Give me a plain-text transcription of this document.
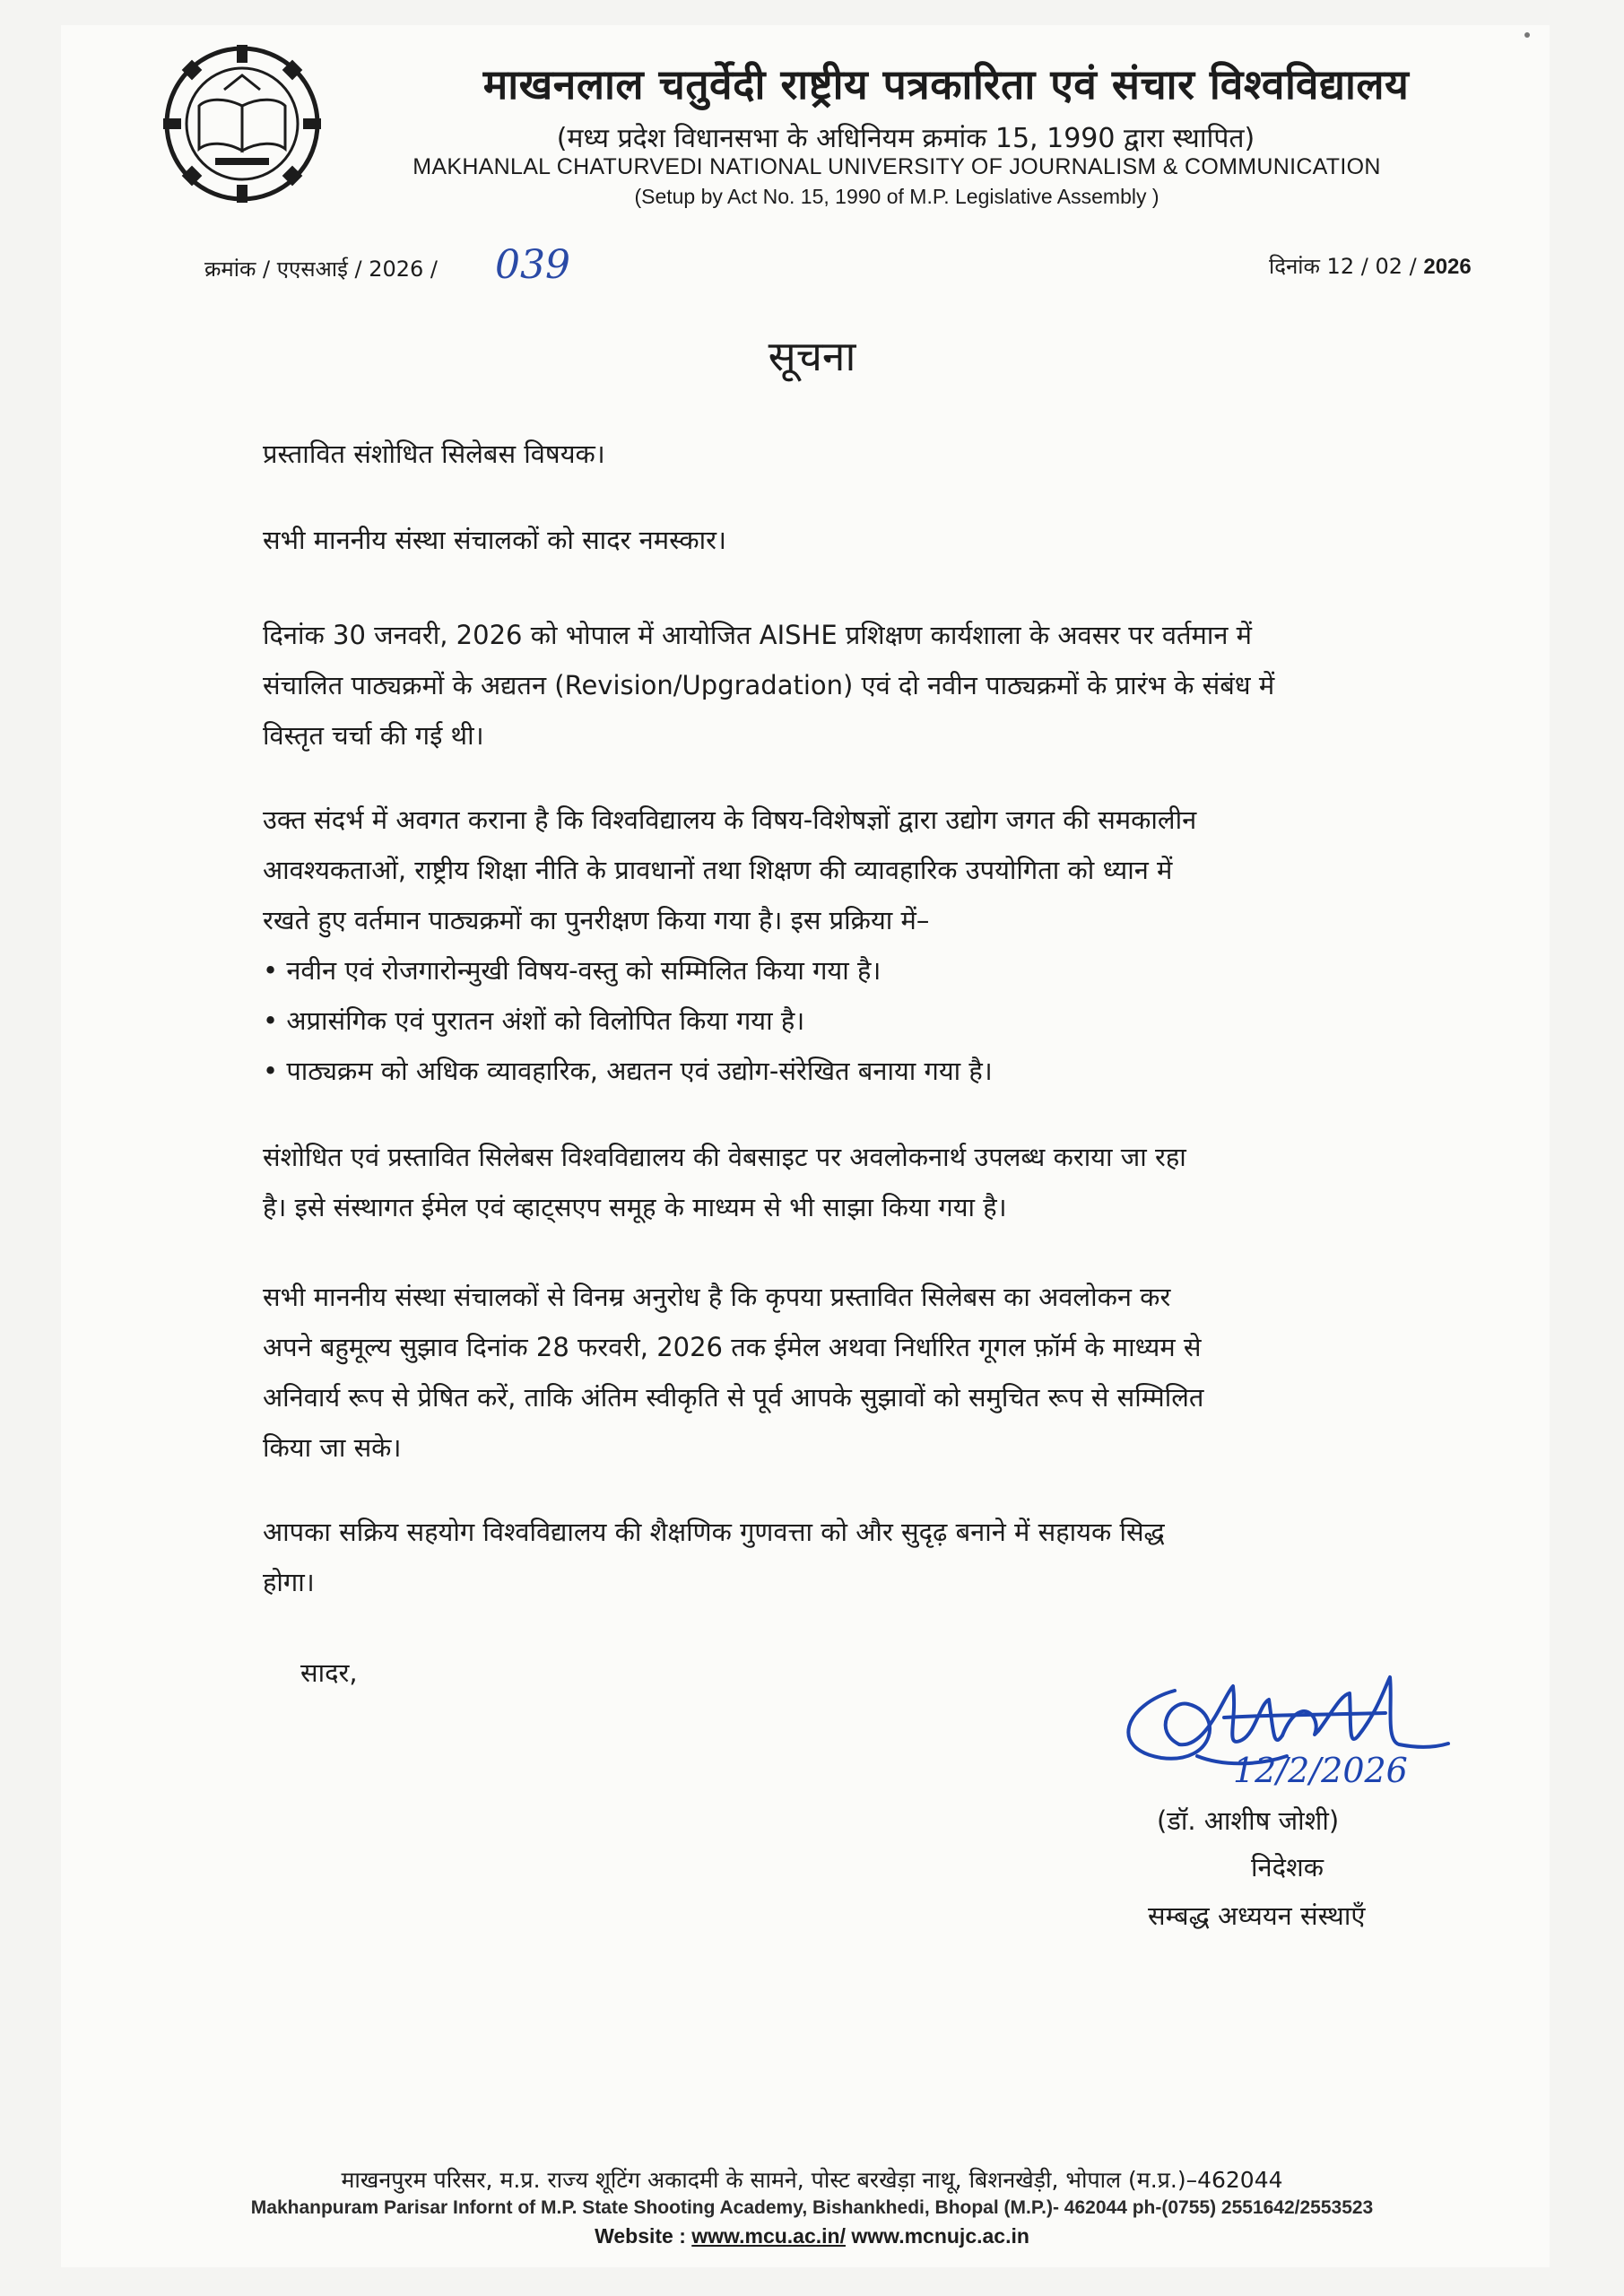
माखनलाल चतुर्वेदी राष्ट्रीय पत्रकारिता एवं संचार विश्वविद्यालय
(मध्य प्रदेश विधानसभा के अधिनियम क्रमांक 15, 1990 द्वारा स्थापित)
MAKHANLAL CHATURVEDI NATIONAL UNIVERSITY OF JOURNALISM & COMMUNICATION
(Setup by Act No. 15, 1990 of M.P. Legislative Assembly )
क्रमांक / एएसआई / 2026 / 039	दिनांक 12 / 02 / 2026
सूचना
प्रस्तावित संशोधित सिलेबस विषयक।
सभी माननीय संस्था संचालकों को सादर नमस्कार।
दिनांक 30 जनवरी, 2026 को भोपाल में आयोजित AISHE प्रशिक्षण कार्यशाला के अवसर पर वर्तमान में
संचालित पाठ्यक्रमों के अद्यतन (Revision/Upgradation) एवं दो नवीन पाठ्यक्रमों के प्रारंभ के संबंध में
विस्तृत चर्चा की गई थी।
उक्त संदर्भ में अवगत कराना है कि विश्वविद्यालय के विषय-विशेषज्ञों द्वारा उद्योग जगत की समकालीन
आवश्यकताओं, राष्ट्रीय शिक्षा नीति के प्रावधानों तथा शिक्षण की व्यावहारिक उपयोगिता को ध्यान में
रखते हुए वर्तमान पाठ्यक्रमों का पुनरीक्षण किया गया है। इस प्रक्रिया में–
• नवीन एवं रोजगारोन्मुखी विषय-वस्तु को सम्मिलित किया गया है।
• अप्रासंगिक एवं पुरातन अंशों को विलोपित किया गया है।
• पाठ्यक्रम को अधिक व्यावहारिक, अद्यतन एवं उद्योग-संरेखित बनाया गया है।
संशोधित एवं प्रस्तावित सिलेबस विश्वविद्यालय की वेबसाइट पर अवलोकनार्थ उपलब्ध कराया जा रहा
है। इसे संस्थागत ईमेल एवं व्हाट्सएप समूह के माध्यम से भी साझा किया गया है।
सभी माननीय संस्था संचालकों से विनम्र अनुरोध है कि कृपया प्रस्तावित सिलेबस का अवलोकन कर
अपने बहुमूल्य सुझाव दिनांक 28 फरवरी, 2026 तक ईमेल अथवा निर्धारित गूगल फ़ॉर्म के माध्यम से
अनिवार्य रूप से प्रेषित करें, ताकि अंतिम स्वीकृति से पूर्व आपके सुझावों को समुचित रूप से सम्मिलित
किया जा सके।
आपका सक्रिय सहयोग विश्वविद्यालय की शैक्षणिक गुणवत्ता को और सुदृढ़ बनाने में सहायक सिद्ध
होगा।
सादर,
12/2/2026
(डॉ. आशीष जोशी)
निदेशक
सम्बद्ध अध्ययन संस्थाएँ
माखनपुरम परिसर, म.प्र. राज्य शूटिंग अकादमी के सामने, पोस्ट बरखेड़ा नाथू, बिशनखेड़ी, भोपाल (म.प्र.)–462044
Makhanpuram Parisar Infornt of M.P. State Shooting Academy, Bishankhedi, Bhopal (M.P.)- 462044 ph-(0755) 2551642/2553523
Website : www.mcu.ac.in/ www.mcnujc.ac.in
